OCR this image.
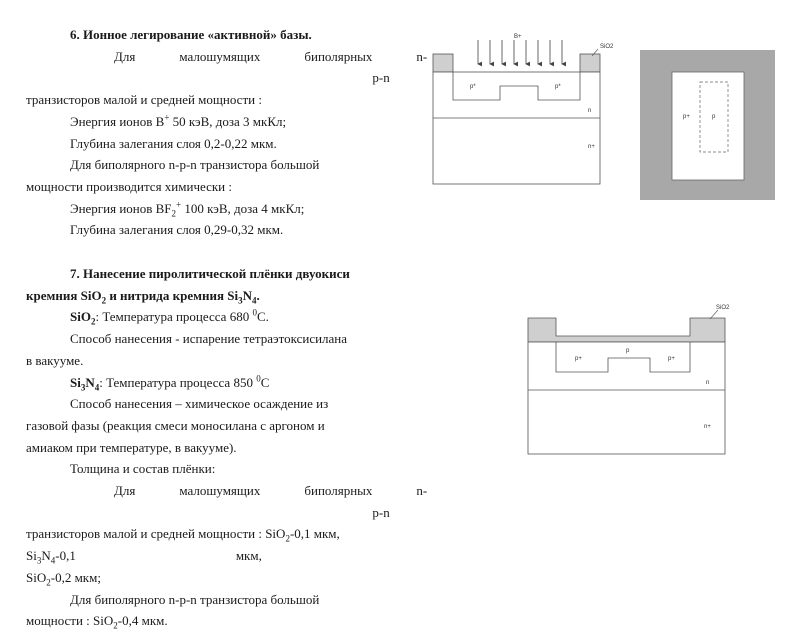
6. Ионное легирование «активной» базы.

Для	малошумящих	биполярных	n-p-n

транзисторов малой и средней мощности :

Энергия ионов B+ 50 кэВ, доза 3 мкКл;

Глубина залегания слоя 0,2-0,22 мкм.

Для биполярного n-p-n транзистора большой

мощности производится химически :

Энергия ионов $BF_2^+$ 100 кэВ, доза 4 мкКл;

Глубина залегания слоя 0,29-0,32 мкм.

7. Нанесение пиролитической плёнки двуокиси

кремния SiO$_2$ и нитрида кремния $Si_3N_4$.

SiO$_2$: Температура процесса 680 $^0$C.

Способ нанесения - испарение тетраэтоксисилана

в вакууме.

$Si_3N_4$: Температура процесса 850 $^0$C

Способ нанесения – химическое осаждение из

газовой фазы (реакция смеси моносилана с аргоном и

амиаком при температуре, в вакууме).

Толщина и состав плёнки:

Для	малошумящих	биполярных	n-p-n

транзисторов малой и средней мощности : SiO$_2$-0,1 мкм,

$Si_3N_4-0,1$	мкм,

SiO$_2$-0,2 мкм;

Для биполярного n-p-n транзистора большой

мощности : SiO$_2$-0,4 мкм.

B+
SiO2
p*	p*
n
n+
p+	p
SiO2
p
p+	p+
n
n+
